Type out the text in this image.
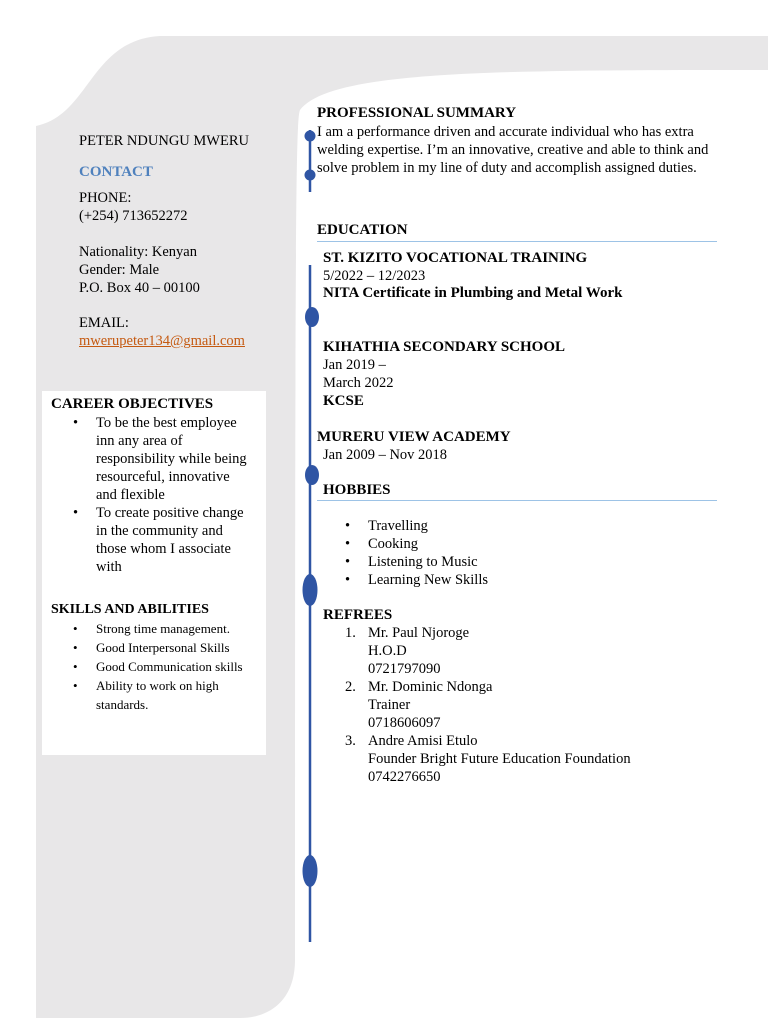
PETER NDUNGU MWERU
CONTACT
PHONE:
(+254) 713652272
Nationality: Kenyan
Gender: Male
P.O. Box 40 – 00100
EMAIL:
mwerupeter134@gmail.com
CAREER OBJECTIVES
• To be the best employee inn any area of responsibility while being resourceful, innovative and flexible
• To create positive change in the community and those whom I associate with
SKILLS AND ABILITIES
• Strong time management.
• Good Interpersonal Skills
• Good Communication skills
• Ability to work on high standards.
PROFESSIONAL SUMMARY
I am a performance driven and accurate individual who has extra welding expertise. I’m an innovative, creative and able to think and solve problem in my line of duty and accomplish assigned duties.
EDUCATION
ST. KIZITO VOCATIONAL TRAINING
5/2022 – 12/2023
NITA Certificate in Plumbing and Metal Work
KIHATHIA SECONDARY SCHOOL
Jan 2019 –
March 2022
KCSE
MURERU VIEW ACADEMY
Jan 2009 – Nov 2018
HOBBIES
• Travelling
• Cooking
• Listening to Music
• Learning New Skills
REFREES
1. Mr. Paul Njoroge
H.O.D
0721797090
2. Mr. Dominic Ndonga
Trainer
0718606097
3. Andre Amisi Etulo
Founder Bright Future Education Foundation
0742276650
